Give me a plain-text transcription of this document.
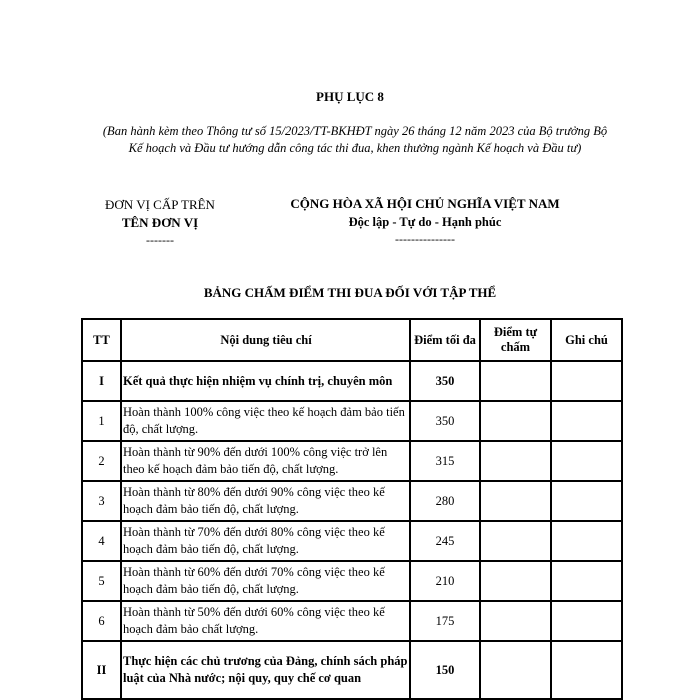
PHỤ LỤC 8
(Ban hành kèm theo Thông tư số 15/2023/TT-BKHĐT ngày 26 tháng 12 năm 2023 của Bộ trưởng Bộ Kế hoạch và Đầu tư hướng dẫn công tác thi đua, khen thưởng ngành Kế hoạch và Đầu tư)
ĐƠN VỊ CẤP TRÊN
TÊN ĐƠN VỊ
-------
CỘNG HÒA XÃ HỘI CHỦ NGHĨA VIỆT NAM
Độc lập - Tự do - Hạnh phúc
---------------
BẢNG CHẤM ĐIỂM THI ĐUA ĐỐI VỚI TẬP THỂ
TT	Nội dung tiêu chí	Điểm tối đa	Điểm tự chấm	Ghi chú
I	Kết quả thực hiện nhiệm vụ chính trị, chuyên môn	350		
1	Hoàn thành 100% công việc theo kế hoạch đảm bảo tiến độ, chất lượng.	350		
2	Hoàn thành từ 90% đến dưới 100% công việc trở lên theo kế hoạch đảm bảo tiến độ, chất lượng.	315		
3	Hoàn thành từ 80% đến dưới 90% công việc theo kế hoạch đảm bảo tiến độ, chất lượng.	280		
4	Hoàn thành từ 70% đến dưới 80% công việc theo kế hoạch đảm bảo tiến độ, chất lượng.	245		
5	Hoàn thành từ 60% đến dưới 70% công việc theo kế hoạch đảm bảo tiến độ, chất lượng.	210		
6	Hoàn thành từ 50% đến dưới 60% công việc theo kế hoạch đảm bảo chất lượng.	175		
II	Thực hiện các chủ trương của Đảng, chính sách pháp luật của Nhà nước; nội quy, quy chế cơ quan	150		
